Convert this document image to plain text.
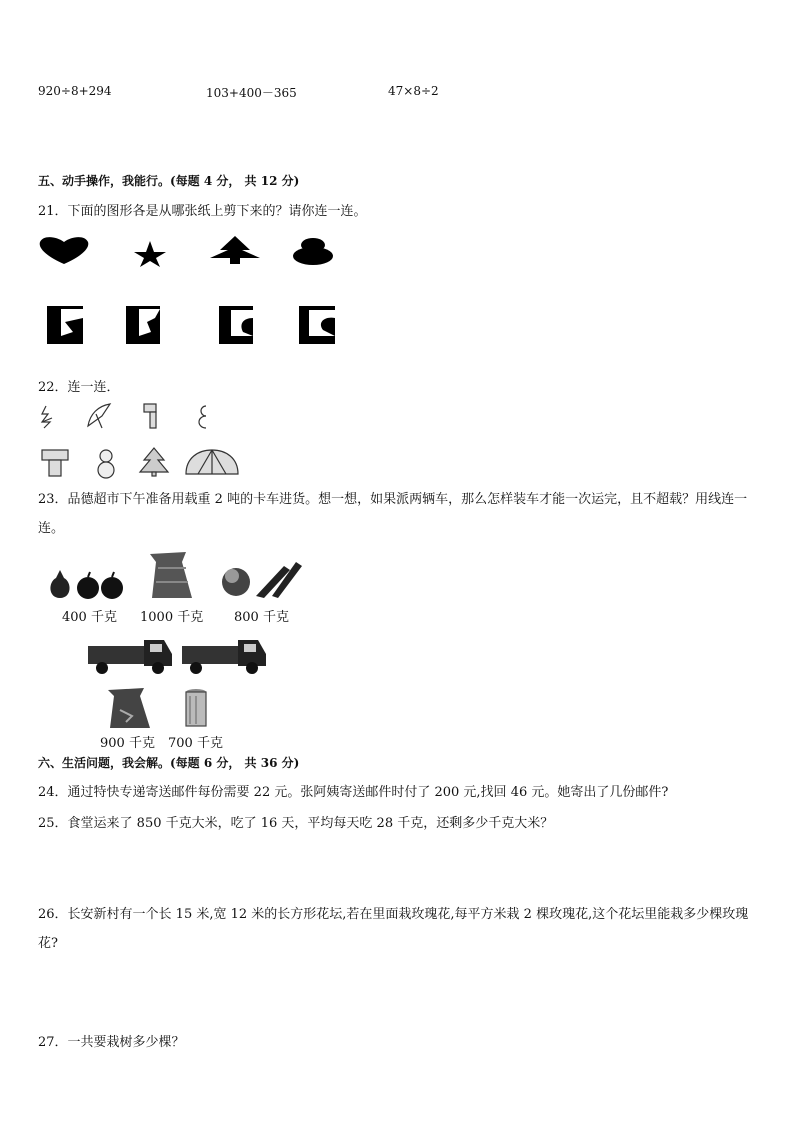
920÷8+294	103+400－365	47×8÷2
五、动手操作，我能行。(每题 4 分， 共 12 分)
21．下面的图形各是从哪张纸上剪下来的？请你连一连。
22．连一连．
23．品德超市下午准备用载重 2 吨的卡车进货。想一想，如果派两辆车，那么怎样装车才能一次运完，且不超载？用线连一连。
400 千克 1000 千克 800 千克
900 千克 700 千克
六、生活问题，我会解。(每题 6 分， 共 36 分)
24．通过特快专递寄送邮件每份需要 22 元。张阿姨寄送邮件时付了 200 元,找回 46 元。她寄出了几份邮件?
25．食堂运来了 850 千克大米，吃了 16 天，平均每天吃 28 千克，还剩多少千克大米？
26．长安新村有一个长 15 米,宽 12 米的长方形花坛,若在里面栽玫瑰花,每平方米栽 2 棵玫瑰花,这个花坛里能栽多少棵玫瑰花?
27．一共要栽树多少棵？
